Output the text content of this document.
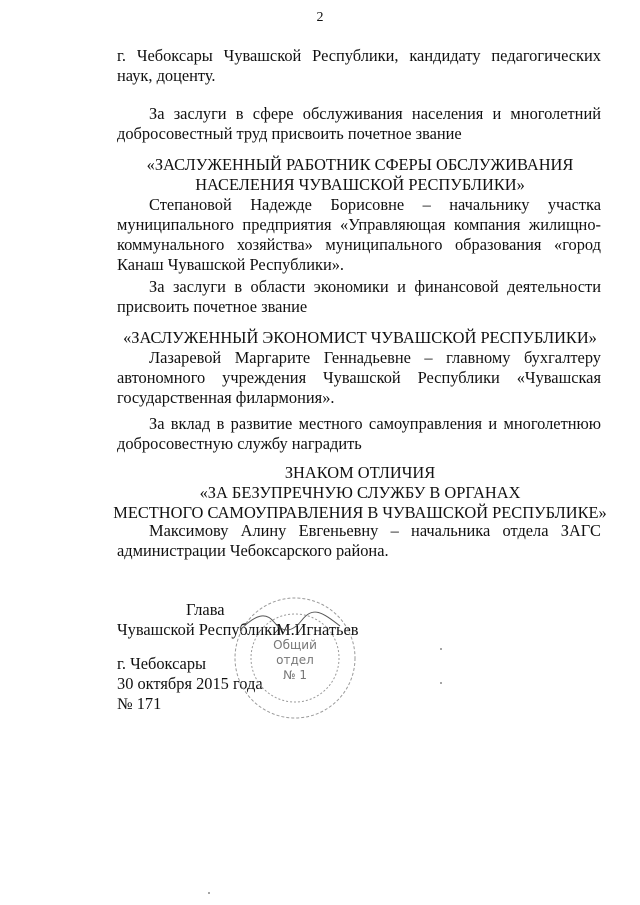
2
г. Чебоксары Чувашской Республики, кандидату педагогических наук, доценту.
За заслуги в сфере обслуживания населения и многолетний добросовестный труд присвоить почетное звание
«ЗАСЛУЖЕННЫЙ РАБОТНИК СФЕРЫ ОБСЛУЖИВАНИЯ
НАСЕЛЕНИЯ ЧУВАШСКОЙ РЕСПУБЛИКИ»
Степановой Надежде Борисовне – начальнику участка муниципального предприятия «Управляющая компания жилищно-коммунального хозяйства» муниципального образования «город Канаш Чувашской Республики».
За заслуги в области экономики и финансовой деятельности присвоить почетное звание
«ЗАСЛУЖЕННЫЙ ЭКОНОМИСТ ЧУВАШСКОЙ РЕСПУБЛИКИ»
Лазаревой Маргарите Геннадьевне – главному бухгалтеру автономного учреждения Чувашской Республики «Чувашская государственная филармония».
За вклад в развитие местного самоуправления и многолетнюю добросовестную службу наградить
ЗНАКОМ ОТЛИЧИЯ
«ЗА БЕЗУПРЕЧНУЮ СЛУЖБУ В ОРГАНАХ
МЕСТНОГО САМОУПРАВЛЕНИЯ В ЧУВАШСКОЙ РЕСПУБЛИКЕ»
Максимову Алину Евгеньевну – начальника отдела ЗАГС администрации Чебоксарского района.
Глава
Чувашской Республики
М.Игнатьев
г. Чебоксары
30 октября 2015 года
№ 171
Общий
отдел
№ 1
